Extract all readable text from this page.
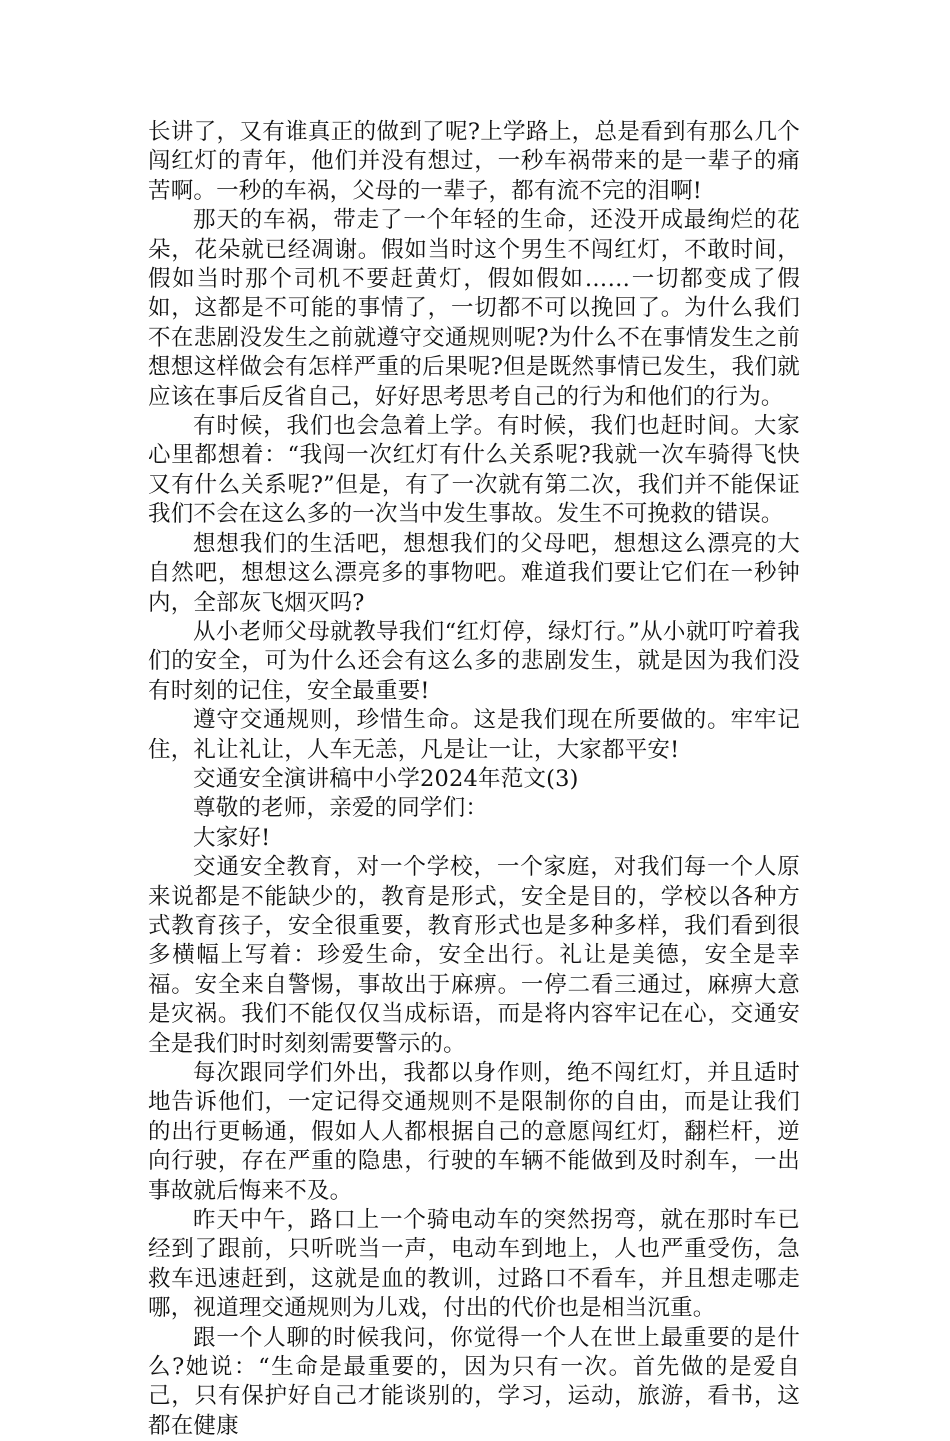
长讲了，又有谁真正的做到了呢?上学路上，总是看到有那么几个闯红灯的青年，他们并没有想过，一秒车祸带来的是一辈子的痛苦啊。一秒的车祸，父母的一辈子，都有流不完的泪啊!

那天的车祸，带走了一个年轻的生命，还没开成最绚烂的花朵，花朵就已经凋谢。假如当时这个男生不闯红灯，不敢时间，假如当时那个司机不要赶黄灯，假如假如……一切都变成了假如，这都是不可能的事情了，一切都不可以挽回了。为什么我们不在悲剧没发生之前就遵守交通规则呢?为什么不在事情发生之前想想这样做会有怎样严重的后果呢?但是既然事情已发生，我们就应该在事后反省自己，好好思考思考自己的行为和他们的行为。

有时候，我们也会急着上学。有时候，我们也赶时间。大家心里都想着：“我闯一次红灯有什么关系呢?我就一次车骑得飞快又有什么关系呢?”但是，有了一次就有第二次，我们并不能保证我们不会在这么多的一次当中发生事故。发生不可挽救的错误。

想想我们的生活吧，想想我们的父母吧，想想这么漂亮的大自然吧，想想这么漂亮多的事物吧。难道我们要让它们在一秒钟内，全部灰飞烟灭吗?

从小老师父母就教导我们“红灯停，绿灯行。”从小就叮咛着我们的安全，可为什么还会有这么多的悲剧发生，就是因为我们没有时刻的记住，安全最重要!

遵守交通规则，珍惜生命。这是我们现在所要做的。牢牢记住，礼让礼让，人车无恙，凡是让一让，大家都平安!

交通安全演讲稿中小学2024年范文(3)

尊敬的老师，亲爱的同学们：

大家好!

交通安全教育，对一个学校，一个家庭，对我们每一个人原来说都是不能缺少的，教育是形式，安全是目的，学校以各种方式教育孩子，安全很重要，教育形式也是多种多样，我们看到很多横幅上写着：珍爱生命，安全出行。礼让是美德，安全是幸福。安全来自警惕，事故出于麻痹。一停二看三通过，麻痹大意是灾祸。我们不能仅仅当成标语，而是将内容牢记在心，交通安全是我们时时刻刻需要警示的。

每次跟同学们外出，我都以身作则，绝不闯红灯，并且适时地告诉他们，一定记得交通规则不是限制你的自由，而是让我们的出行更畅通，假如人人都根据自己的意愿闯红灯，翻栏杆，逆向行驶，存在严重的隐患，行驶的车辆不能做到及时刹车，一出事故就后悔来不及。

昨天中午，路口上一个骑电动车的突然拐弯，就在那时车已经到了跟前，只听咣当一声，电动车到地上，人也严重受伤，急救车迅速赶到，这就是血的教训，过路口不看车，并且想走哪走哪，视道理交通规则为儿戏，付出的代价也是相当沉重。

跟一个人聊的时候我问，你觉得一个人在世上最重要的是什么?她说：“生命是最重要的，因为只有一次。首先做的是爱自己，只有保护好自己才能谈别的，学习，运动，旅游，看书，这都在健康
